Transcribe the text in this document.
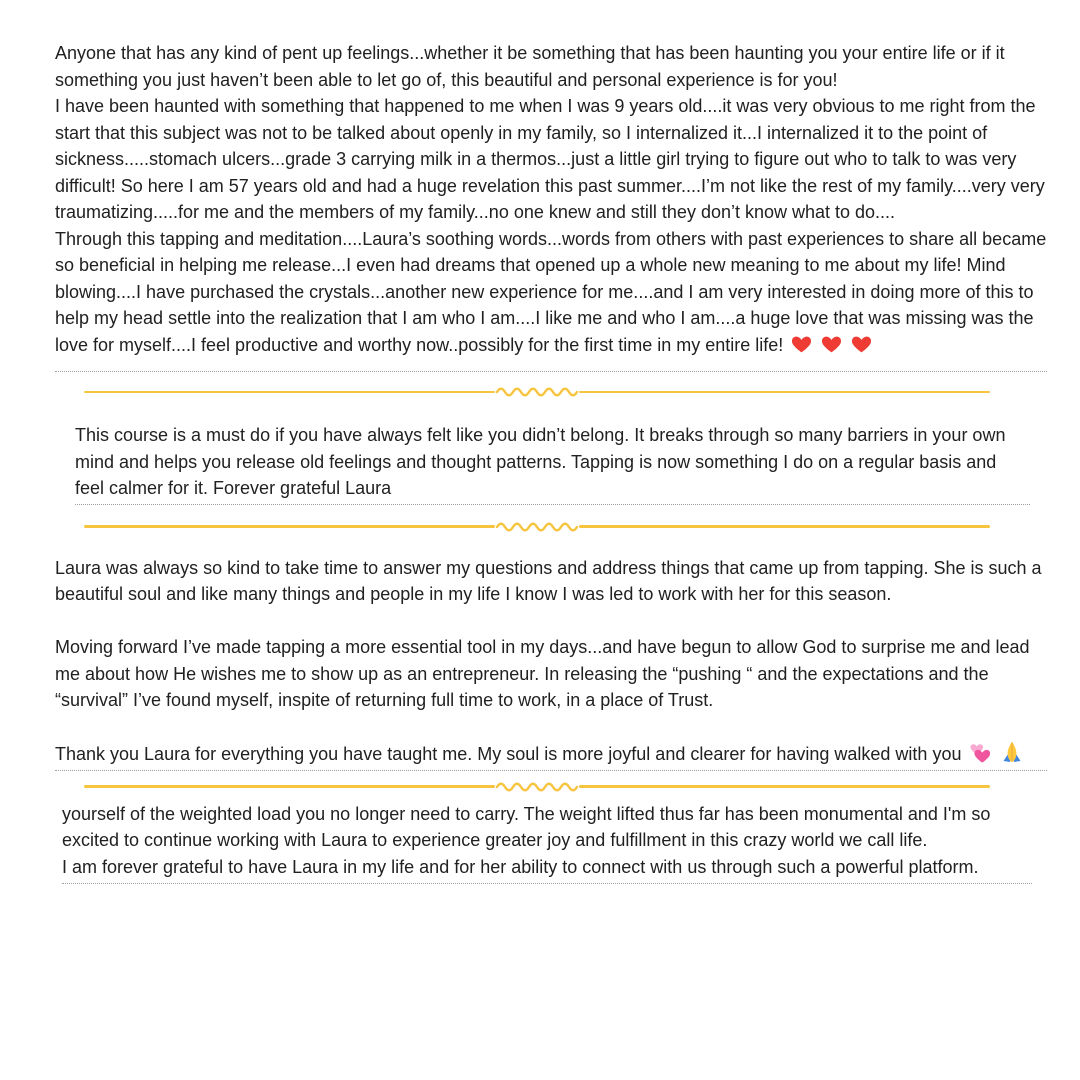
Anyone that has any kind of pent up feelings...whether it be something that has been haunting you your entire life or if it something you just haven’t been able to let go of, this beautiful and personal experience is for you!

I have been haunted with something that happened to me when I was 9 years old....it was very obvious to me right from the start that this subject was not to be talked about openly in my family, so I internalized it...I internalized it to the point of sickness.....stomach ulcers...grade 3 carrying milk in a thermos...just a little girl trying to figure out who to talk to was very difficult! So here I am 57 years old and had a huge revelation this past summer....I’m not like the rest of my family....very very traumatizing.....for me and the members of my family...no one knew and still they don’t know what to do....

Through this tapping and meditation....Laura’s soothing words...words from others with past experiences to share all became so beneficial in helping me release...I even had dreams that opened up a whole new meaning to me about my life! Mind blowing....I have purchased the crystals...another new experience for me....and I am very interested in doing more of this to help my head settle into the realization that I am who I am....I like me and who I am....a huge love that was missing was the love for myself....I feel productive and worthy now..possibly for the first time in my entire life!

This course is a must do if you have always felt like you didn’t belong. It breaks through so many barriers in your own mind and helps you release old feelings and thought patterns. Tapping is now something I do on a regular basis and feel calmer for it. Forever grateful Laura

Laura was always so kind to take time to answer my questions and address things that came up from tapping. She is such a beautiful soul and like many things and people in my life I know I was led to work with her for this season.

Moving forward I’ve made tapping a more essential tool in my days...and have begun to allow God to surprise me and lead me about how He wishes me to show up as an entrepreneur. In releasing the “pushing “ and the expectations and the “survival” I’ve found myself, inspite of returning full time to work, in a place of Trust.

Thank you Laura for everything you have taught me. My soul is more joyful and clearer for having walked with you

yourself of the weighted load you no longer need to carry. The weight lifted thus far has been monumental and I'm so excited to continue working with Laura to experience greater joy and fulfillment in this crazy world we call life.

I am forever grateful to have Laura in my life and for her ability to connect with us through such a powerful platform.
